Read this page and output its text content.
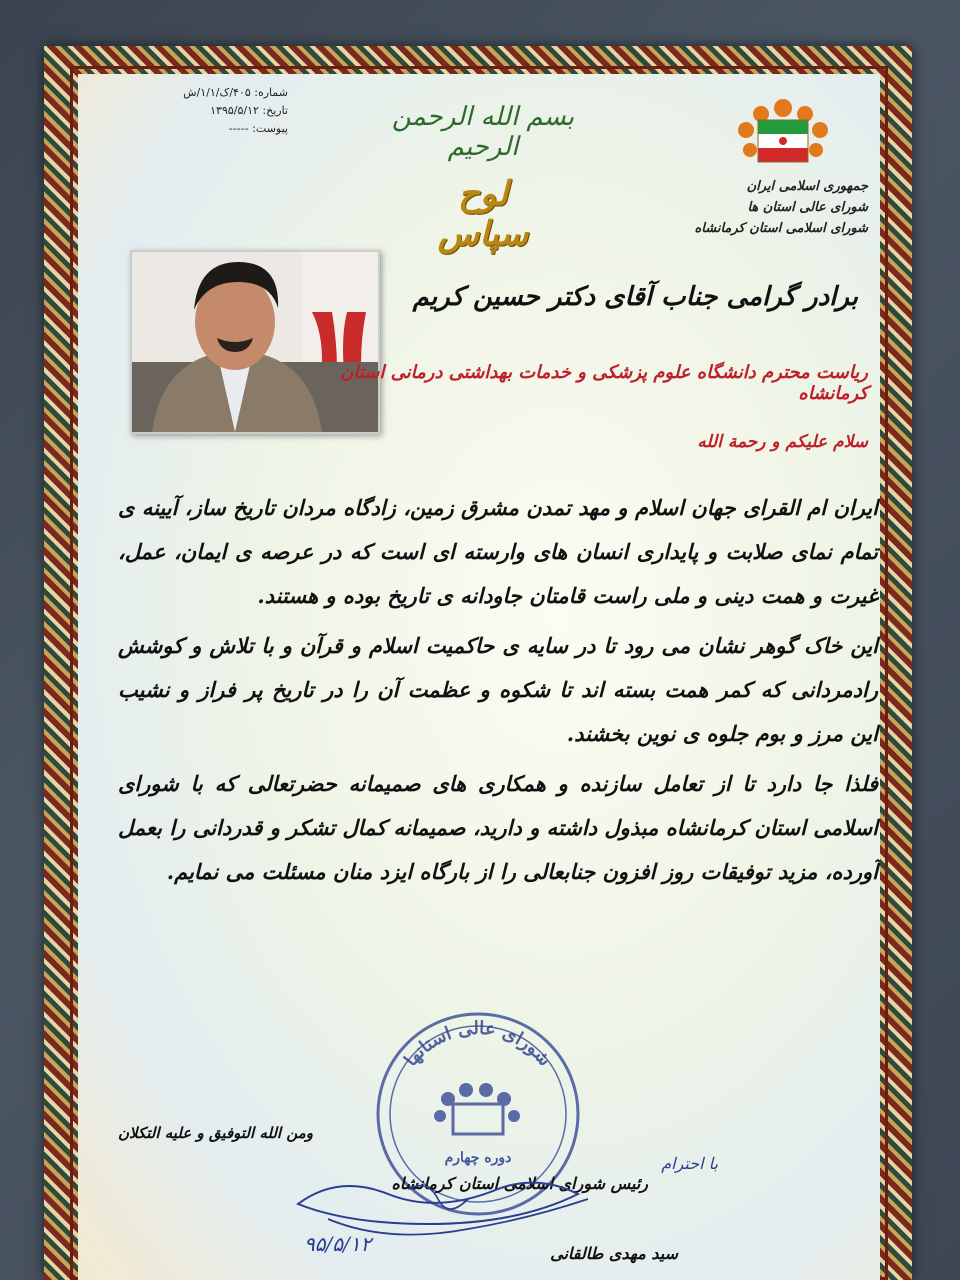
شماره: ۴۰۵/ک/۱/۱/ش
تاریخ: ۱۳۹۵/۵/۱۲
پیوست: -----	بسم الله الرحمن الرحیم
لوح سپاس
جمهوری اسلامی ایران
شورای عالی استان ها
شورای اسلامی استان کرمانشاه
برادر گرامی جناب آقای دکتر حسین کریم
ریاست محترم دانشگاه علوم پزشکی و خدمات بهداشتی درمانی استان کرمانشاه
سلام علیکم و رحمة الله

ایران ام القرای جهان اسلام و مهد تمدن مشرق زمین، زادگاه مردان تاریخ ساز، آیینه ی تمام نمای صلابت و پایداری انسان های وارسته ای است که در عرصه ی ایمان، عمل، غیرت و همت دینی و ملی راست قامتان جاودانه ی تاریخ بوده و هستند.

این خاک گوهر نشان می رود تا در سایه ی حاکمیت اسلام و قرآن و با تلاش و کوشش رادمردانی که کمر همت بسته اند تا شکوه و عظمت آن را در تاریخ پر فراز و نشیب این مرز و بوم جلوه ی نوین بخشند.

فلذا جا دارد تا از تعامل سازنده و همکاری های صمیمانه حضرتعالی که با شورای اسلامی استان کرمانشاه مبذول داشته و دارید، صمیمانه کمال تشکر و قدردانی را بعمل آورده، مزید توفیقات روز افزون جنابعالی را از بارگاه ایزد منان مسئلت می نمایم.

ومن الله التوفیق و علیه التکلان
شورای عالی استانها
دوره چهارم	با احترام
رئیس شورای اسلامی استان کرمانشاه
۹۵/۵/۱۲	سید مهدی طالقانی
